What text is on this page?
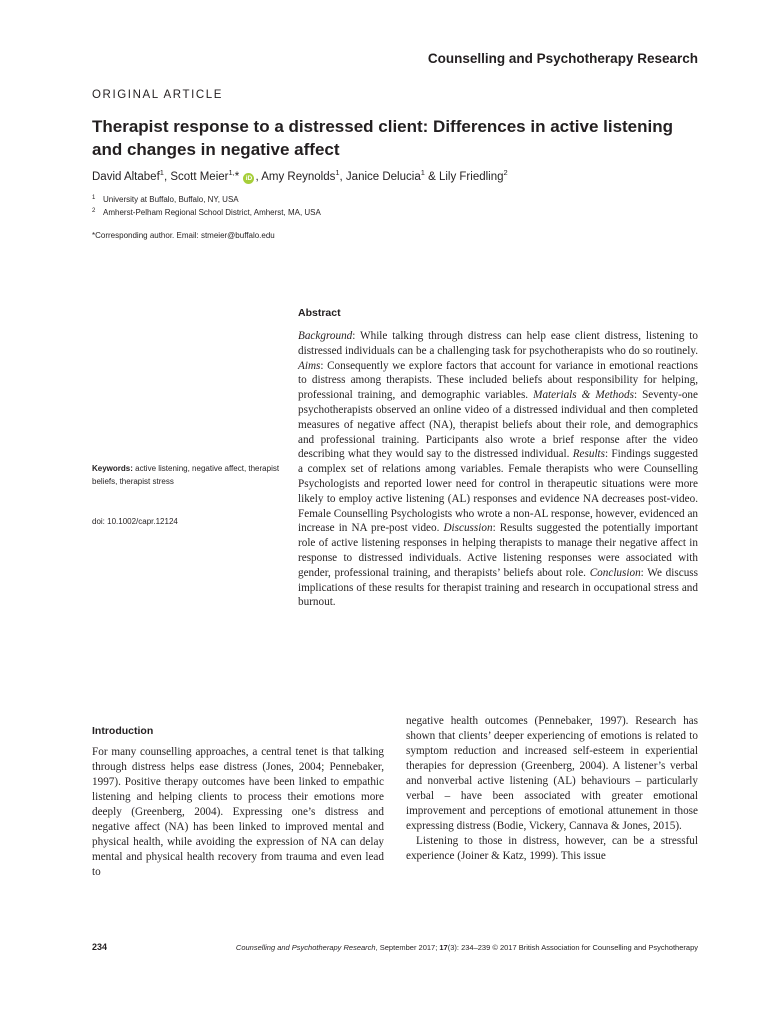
Counselling and Psychotherapy Research
ORIGINAL ARTICLE
Therapist response to a distressed client: Differences in active listening and changes in negative affect
David Altabef$^1$, Scott Meier$^{1,}$* iD , Amy Reynolds$^1$, Janice Delucia$^1$ & Lily Friedling$^2$
1 University at Buffalo, Buffalo, NY, USA
2 Amherst-Pelham Regional School District, Amherst, MA, USA
*Corresponding author. Email: stmeier@buffalo.edu
Keywords: active listening, negative affect, therapist beliefs, therapist stress
doi: 10.1002/capr.12124
Abstract
Background: While talking through distress can help ease client distress, listening to distressed individuals can be a challenging task for psychotherapists who do so routinely. Aims: Consequently we explore factors that account for variance in emotional reactions to distress among therapists. These included beliefs about responsibility for helping, professional training, and demographic variables. Materials & Methods: Seventy-one psychotherapists observed an online video of a distressed individual and then completed measures of negative affect (NA), therapist beliefs about their role, and demographics and professional training. Participants also wrote a brief response after the video describing what they would say to the distressed individual. Results: Findings suggested a complex set of relations among variables. Female therapists who were Counselling Psychologists and reported lower need for control in therapeutic situations were more likely to employ active listening (AL) responses and evidence NA decreases post-video. Female Counselling Psychologists who wrote a non-AL response, however, evidenced an increase in NA pre-post video. Discussion: Results suggested the potentially important role of active listening responses in helping therapists to manage their negative affect in response to distressed individuals. Active listening responses were associated with gender, professional training, and therapists’ beliefs about role. Conclusion: We discuss implications of these results for therapist training and research in occupational stress and burnout.
Introduction

For many counselling approaches, a central tenet is that talking through distress helps ease distress (Jones, 2004; Pennebaker, 1997). Positive therapy outcomes have been linked to empathic listening and helping clients to process their emotions more deeply (Greenberg, 2004). Expressing one’s distress and negative affect (NA) has been linked to improved mental and physical health, while avoiding the expression of NA can delay mental and physical health recovery from trauma and even lead to

negative health outcomes (Pennebaker, 1997). Research has shown that clients’ deeper experiencing of emotions is related to symptom reduction and increased self-esteem in experiential therapies for depression (Greenberg, 2004). A listener’s verbal and nonverbal active listening (AL) behaviours – particularly verbal – have been associated with greater emotional improvement and perceptions of emotional attunement in those expressing distress (Bodie, Vickery, Cannava & Jones, 2015).

Listening to those in distress, however, can be a stressful experience (Joiner & Katz, 1999). This issue

234	Counselling and Psychotherapy Research, September 2017; 17(3): 234–239 © 2017 British Association for Counselling and Psychotherapy
